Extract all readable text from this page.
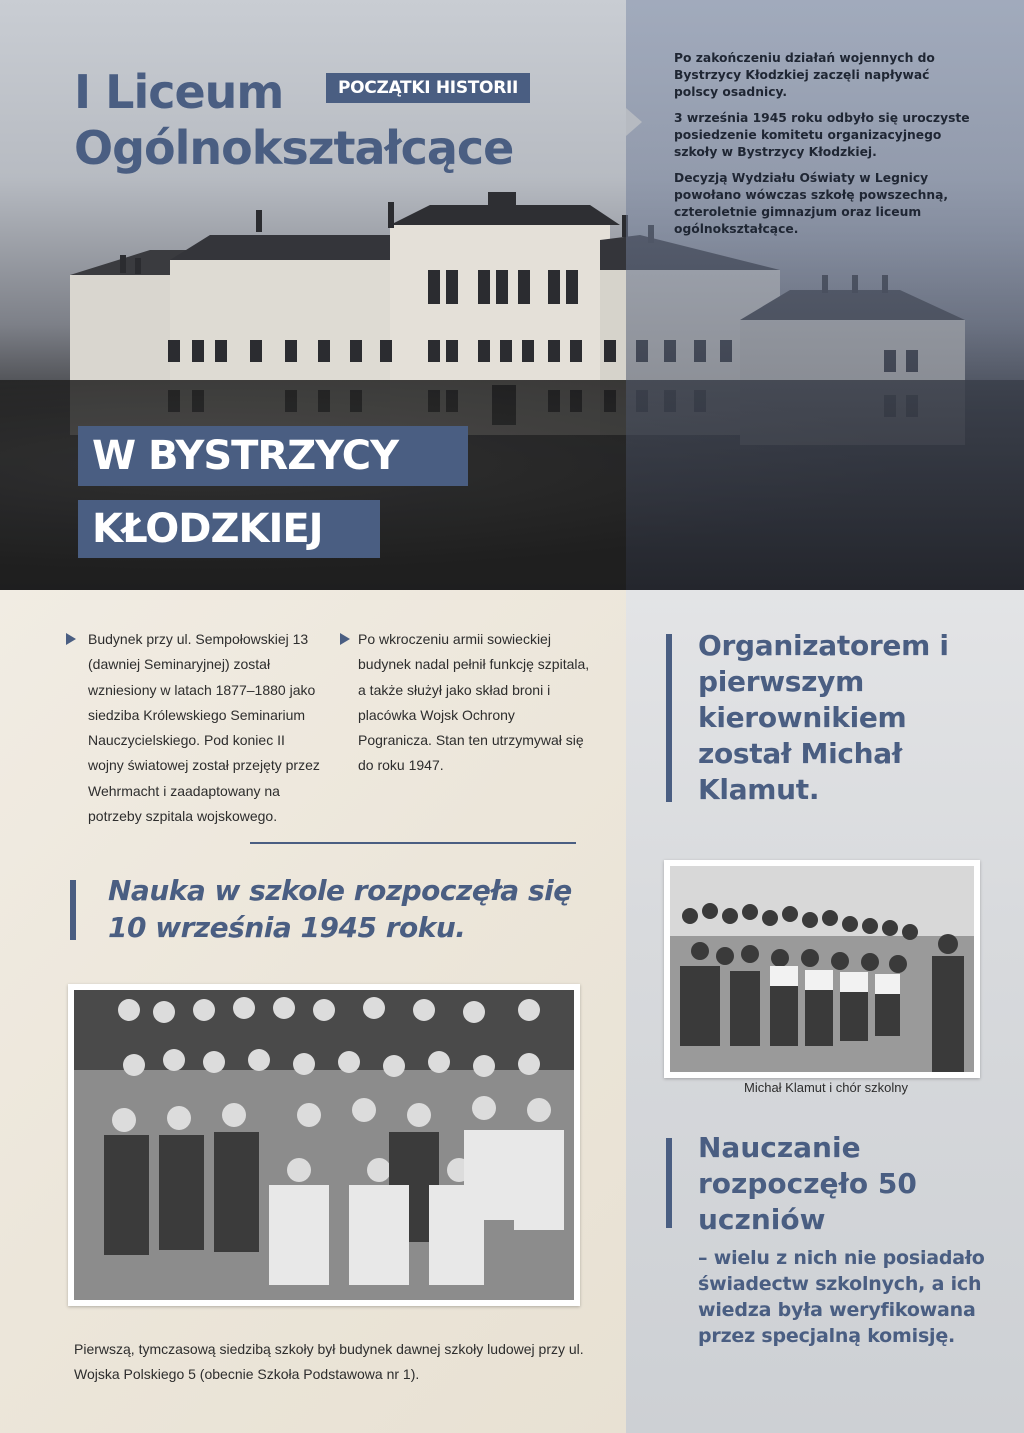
I Liceum
Ogólnokształcące
POCZĄTKI HISTORII

Po zakończeniu działań wojennych do Bystrzycy Kłodzkiej zaczęli napływać polscy osadnicy.

3 września 1945 roku odbyło się uroczyste posiedzenie komitetu organizacyjnego szkoły w Bystrzycy Kłodzkiej.

Decyzją Wydziału Oświaty w Legnicy powołano wówczas szkołę powszechną, czteroletnie gimnazjum oraz liceum ogólnokształcące.

W BYSTRZYCY
KŁODZKIEJ
Budynek przy ul. Sempołowskiej 13 (dawniej Seminaryjnej) został wzniesiony w latach 1877–1880 jako siedziba Królewskiego Seminarium Nauczycielskiego. Pod koniec II wojny światowej został przejęty przez Wehrmacht i zaadaptowany na potrzeby szpitala wojskowego.
Po wkroczeniu armii sowieckiej budynek nadal pełnił funkcję szpitala, a także służył jako skład broni i placówka Wojsk Ochrony Pogranicza. Stan ten utrzymywał się do roku 1947.
Nauka w szkole rozpoczęła się 10 września 1945 roku.
Organizatorem i pierwszym kierownikiem został Michał Klamut.
Michał Klamut i chór szkolny
Nauczanie rozpoczęło 50 uczniów
– wielu z nich nie posiadało świadectw szkolnych, a ich wiedza była weryfikowana przez specjalną komisję.
Pierwszą, tymczasową siedzibą szkoły był budynek dawnej szkoły ludowej przy ul. Wojska Polskiego 5 (obecnie Szkoła Podstawowa nr 1).
